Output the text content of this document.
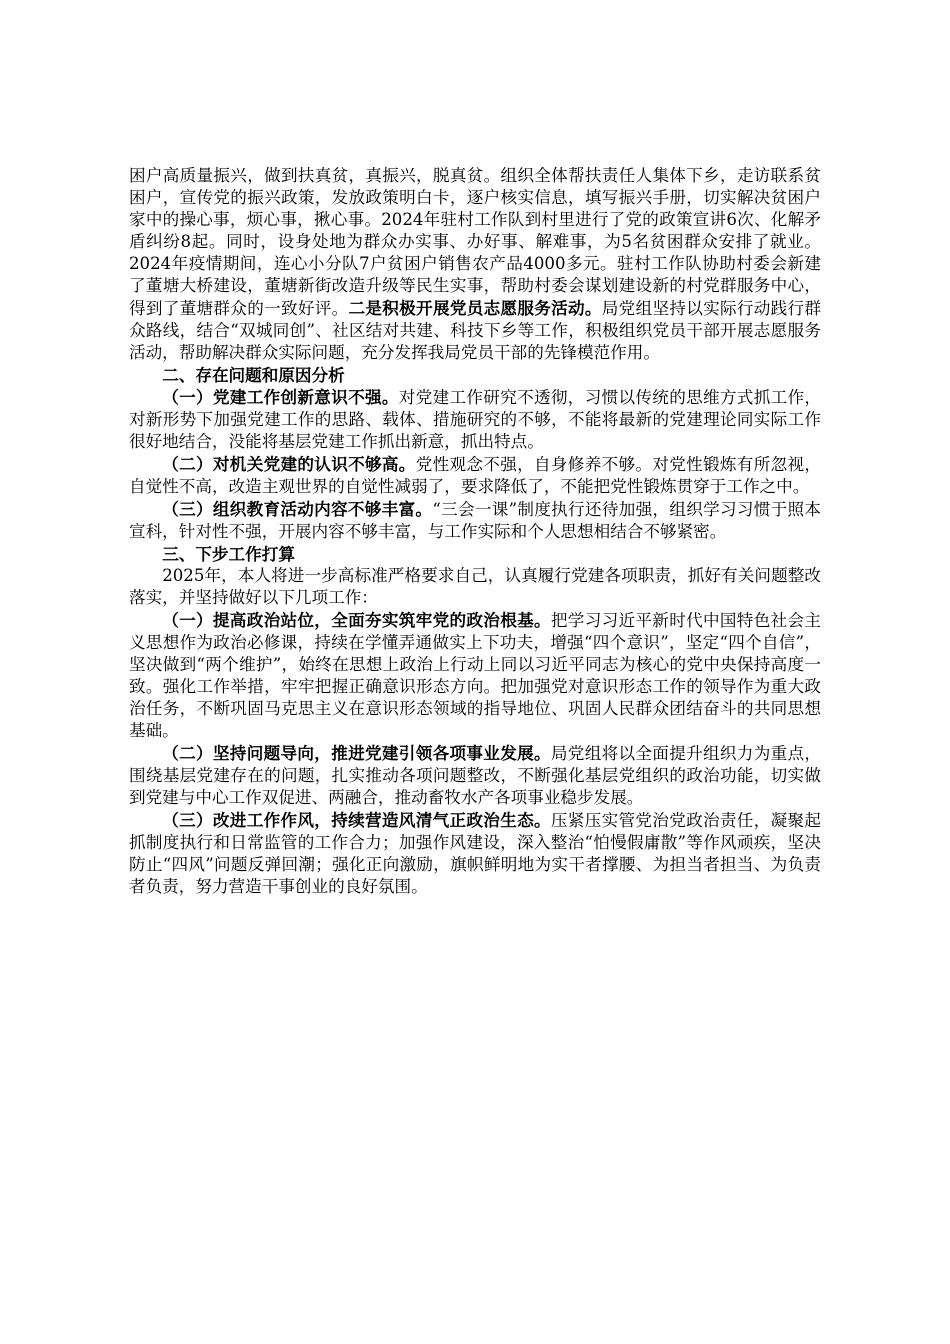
困户高质量振兴，做到扶真贫，真振兴，脱真贫。组织全体帮扶责任人集体下乡，走访联系贫困户，宣传党的振兴政策，发放政策明白卡，逐户核实信息，填写振兴手册，切实解决贫困户家中的操心事，烦心事，揪心事。2024年驻村工作队到村里进行了党的政策宣讲6次、化解矛盾纠纷8起。同时，设身处地为群众办实事、办好事、解难事，为5名贫困群众安排了就业。2024年疫情期间，连心小分队7户贫困户销售农产品4000多元。驻村工作队协助村委会新建了董塘大桥建设，董塘新街改造升级等民生实事，帮助村委会谋划建设新的村党群服务中心，得到了董塘群众的一致好评。二是积极开展党员志愿服务活动。局党组坚持以实际行动践行群众路线，结合“双城同创”、社区结对共建、科技下乡等工作，积极组织党员干部开展志愿服务活动，帮助解决群众实际问题，充分发挥我局党员干部的先锋模范作用。

二、存在问题和原因分析

（一）党建工作创新意识不强。对党建工作研究不透彻，习惯以传统的思维方式抓工作，对新形势下加强党建工作的思路、载体、措施研究的不够，不能将最新的党建理论同实际工作很好地结合，没能将基层党建工作抓出新意，抓出特点。

（二）对机关党建的认识不够高。党性观念不强，自身修养不够。对党性锻炼有所忽视，自觉性不高，改造主观世界的自觉性减弱了，要求降低了，不能把党性锻炼贯穿于工作之中。

（三）组织教育活动内容不够丰富。“三会一课”制度执行还待加强，组织学习习惯于照本宣科，针对性不强，开展内容不够丰富，与工作实际和个人思想相结合不够紧密。

三、下步工作打算

2025年，本人将进一步高标准严格要求自己，认真履行党建各项职责，抓好有关问题整改落实，并坚持做好以下几项工作：

（一）提高政治站位，全面夯实筑牢党的政治根基。把学习习近平新时代中国特色社会主义思想作为政治必修课，持续在学懂弄通做实上下功夫，增强“四个意识”，坚定“四个自信”，坚决做到“两个维护”，始终在思想上政治上行动上同以习近平同志为核心的党中央保持高度一致。强化工作举措，牢牢把握正确意识形态方向。把加强党对意识形态工作的领导作为重大政治任务，不断巩固马克思主义在意识形态领域的指导地位、巩固人民群众团结奋斗的共同思想基础。

（二）坚持问题导向，推进党建引领各项事业发展。局党组将以全面提升组织力为重点，围绕基层党建存在的问题，扎实推动各项问题整改，不断强化基层党组织的政治功能，切实做到党建与中心工作双促进、两融合，推动畜牧水产各项事业稳步发展。

（三）改进工作作风，持续营造风清气正政治生态。压紧压实管党治党政治责任，凝聚起抓制度执行和日常监管的工作合力；加强作风建设，深入整治“怕慢假庸散”等作风顽疾，坚决防止“四风”问题反弹回潮；强化正向激励，旗帜鲜明地为实干者撑腰、为担当者担当、为负责者负责，努力营造干事创业的良好氛围。
